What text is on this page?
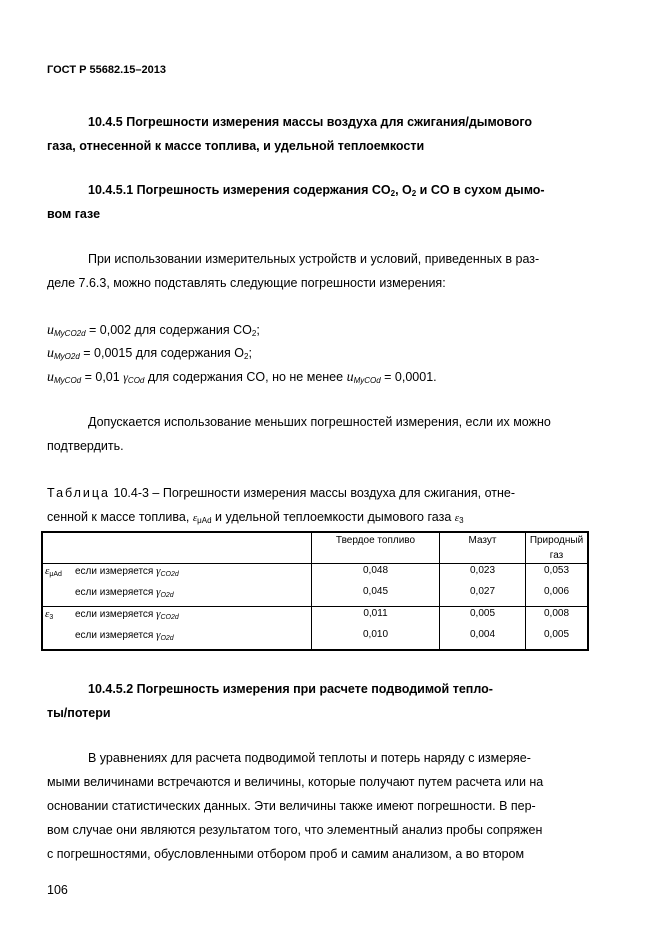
ГОСТ Р 55682.15–2013
10.4.5 Погрешности измерения массы воздуха для сжигания/дымового
газа, отнесенной к массе топлива, и удельной теплоемкости
10.4.5.1 Погрешность измерения содержания $CO_2$, $O_2$ и CO в сухом дымо-
вом газе
При использовании измерительных устройств и условий, приведенных в раз-
деле 7.6.3, можно подставлять следующие погрешности измерения:
$u_{MyCO2d} = 0,002$ для содержания $CO_2$;
$u_{MyO2d} = 0,0015$ для содержания $O_2$;
$u_{MyCOd} = 0,01$ $\gamma_{COd}$ для содержания CO, но не менее $u_{MyCOd} = 0,0001$.
Допускается использование меньших погрешностей измерения, если их можно
подтвердить.
Таблица 10.4-3 – Погрешности измерения массы воздуха для сжигания, отне-
сенной к массе топлива, $\varepsilon_{\mu Ad}$ и удельной теплоемкости дымового газа $\varepsilon_3$
		Твердое топливо	Мазут	Природный газ
$\varepsilon_{\mu Ad}$	если измеряется $\gamma_{CO2d}$	0,048	0,023	0,053
	если измеряется $\gamma_{O2d}$	0,045	0,027	0,006
$\varepsilon_3$	если измеряется $\gamma_{CO2d}$	0,011	0,005	0,008
	если измеряется $\gamma_{O2d}$	0,010	0,004	0,005
10.4.5.2 Погрешность измерения при расчете подводимой тепло-
ты/потери
В уравнениях для расчета подводимой теплоты и потерь наряду с измеряе-
мыми величинами встречаются и величины, которые получают путем расчета или на
основании статистических данных. Эти величины также имеют погрешности. В пер-
вом случае они являются результатом того, что элементный анализ пробы сопряжен
с погрешностями, обусловленными отбором проб и самим анализом, а во втором
106
